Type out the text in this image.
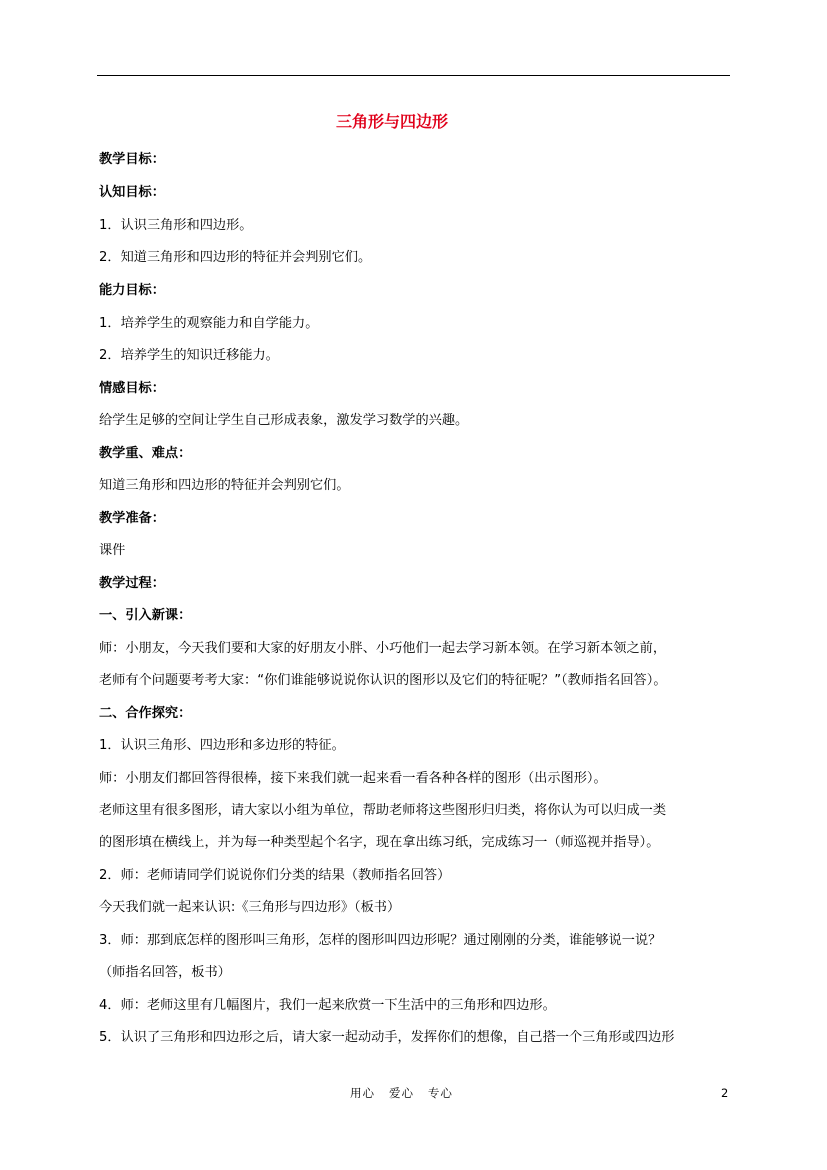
三角形与四边形
教学目标：
认知目标：
1．认识三角形和四边形。
2．知道三角形和四边形的特征并会判别它们。
能力目标：
1．培养学生的观察能力和自学能力。
2．培养学生的知识迁移能力。
情感目标：
给学生足够的空间让学生自己形成表象，激发学习数学的兴趣。
教学重、难点：
知道三角形和四边形的特征并会判别它们。
教学准备：
课件
教学过程：
一、引入新课：
师：小朋友，今天我们要和大家的好朋友小胖、小巧他们一起去学习新本领。在学习新本领之前，
老师有个问题要考考大家：“你们谁能够说说你认识的图形以及它们的特征呢？”（教师指名回答）。
二、合作探究：
1．认识三角形、四边形和多边形的特征。
师：小朋友们都回答得很棒，接下来我们就一起来看一看各种各样的图形（出示图形）。
老师这里有很多图形，请大家以小组为单位，帮助老师将这些图形归归类，将你认为可以归成一类
的图形填在横线上，并为每一种类型起个名字，现在拿出练习纸，完成练习一（师巡视并指导）。
2．师：老师请同学们说说你们分类的结果（教师指名回答）
今天我们就一起来认识:《三角形与四边形》（板书）
3．师：那到底怎样的图形叫三角形，怎样的图形叫四边形呢？通过刚刚的分类，谁能够说一说？
（师指名回答，板书）
4．师：老师这里有几幅图片，我们一起来欣赏一下生活中的三角形和四边形。
5．认识了三角形和四边形之后，请大家一起动动手，发挥你们的想像，自己搭一个三角形或四边形
用心   爱心   专心	2
